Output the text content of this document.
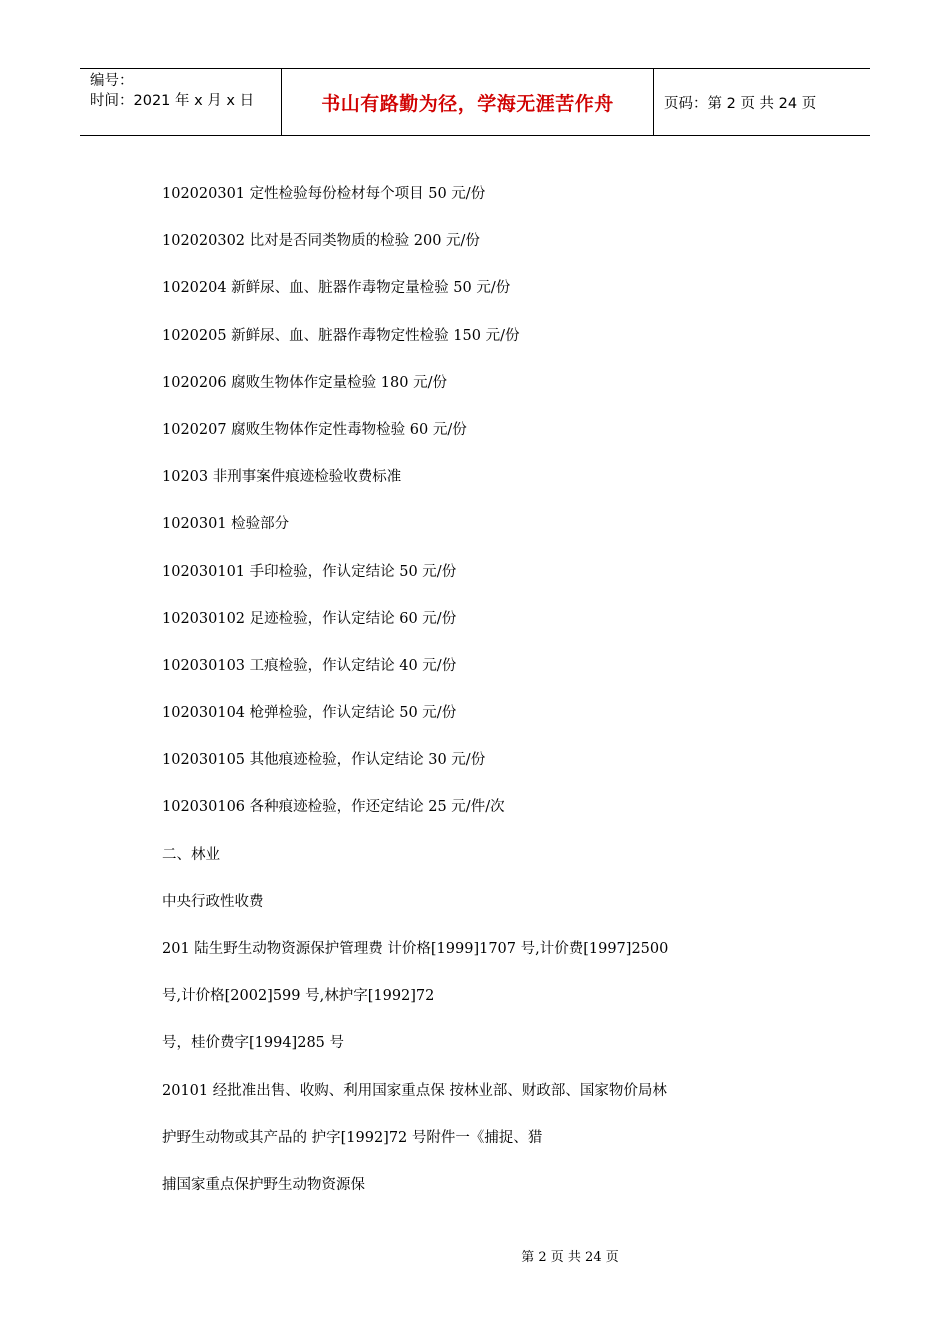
编号：
时间：2021 年 x 月 x 日	书山有路勤为径，学海无涯苦作舟	页码：第 2 页 共 24 页
102020301 定性检验每份检材每个项目 50 元/份
102020302 比对是否同类物质的检验 200 元/份
1020204 新鲜尿、血、脏器作毒物定量检验 50 元/份
1020205 新鲜尿、血、脏器作毒物定性检验 150 元/份
1020206 腐败生物体作定量检验 180 元/份
1020207 腐败生物体作定性毒物检验 60 元/份
10203 非刑事案件痕迹检验收费标准
1020301 检验部分
102030101 手印检验，作认定结论 50 元/份
102030102 足迹检验，作认定结论 60 元/份
102030103 工痕检验，作认定结论 40 元/份
102030104 枪弹检验，作认定结论 50 元/份
102030105 其他痕迹检验，作认定结论 30 元/份
102030106 各种痕迹检验，作还定结论 25 元/件/次
二、林业
中央行政性收费
201 陆生野生动物资源保护管理费 计价格[1999]1707 号,计价费[1997]2500
号,计价格[2002]599 号,林护字[1992]72
号，桂价费字[1994]285 号
20101 经批准出售、收购、利用国家重点保 按林业部、财政部、国家物价局林
护野生动物或其产品的 护字[1992]72 号附件一《捕捉、猎
捕国家重点保护野生动物资源保
第 2 页 共 24 页
